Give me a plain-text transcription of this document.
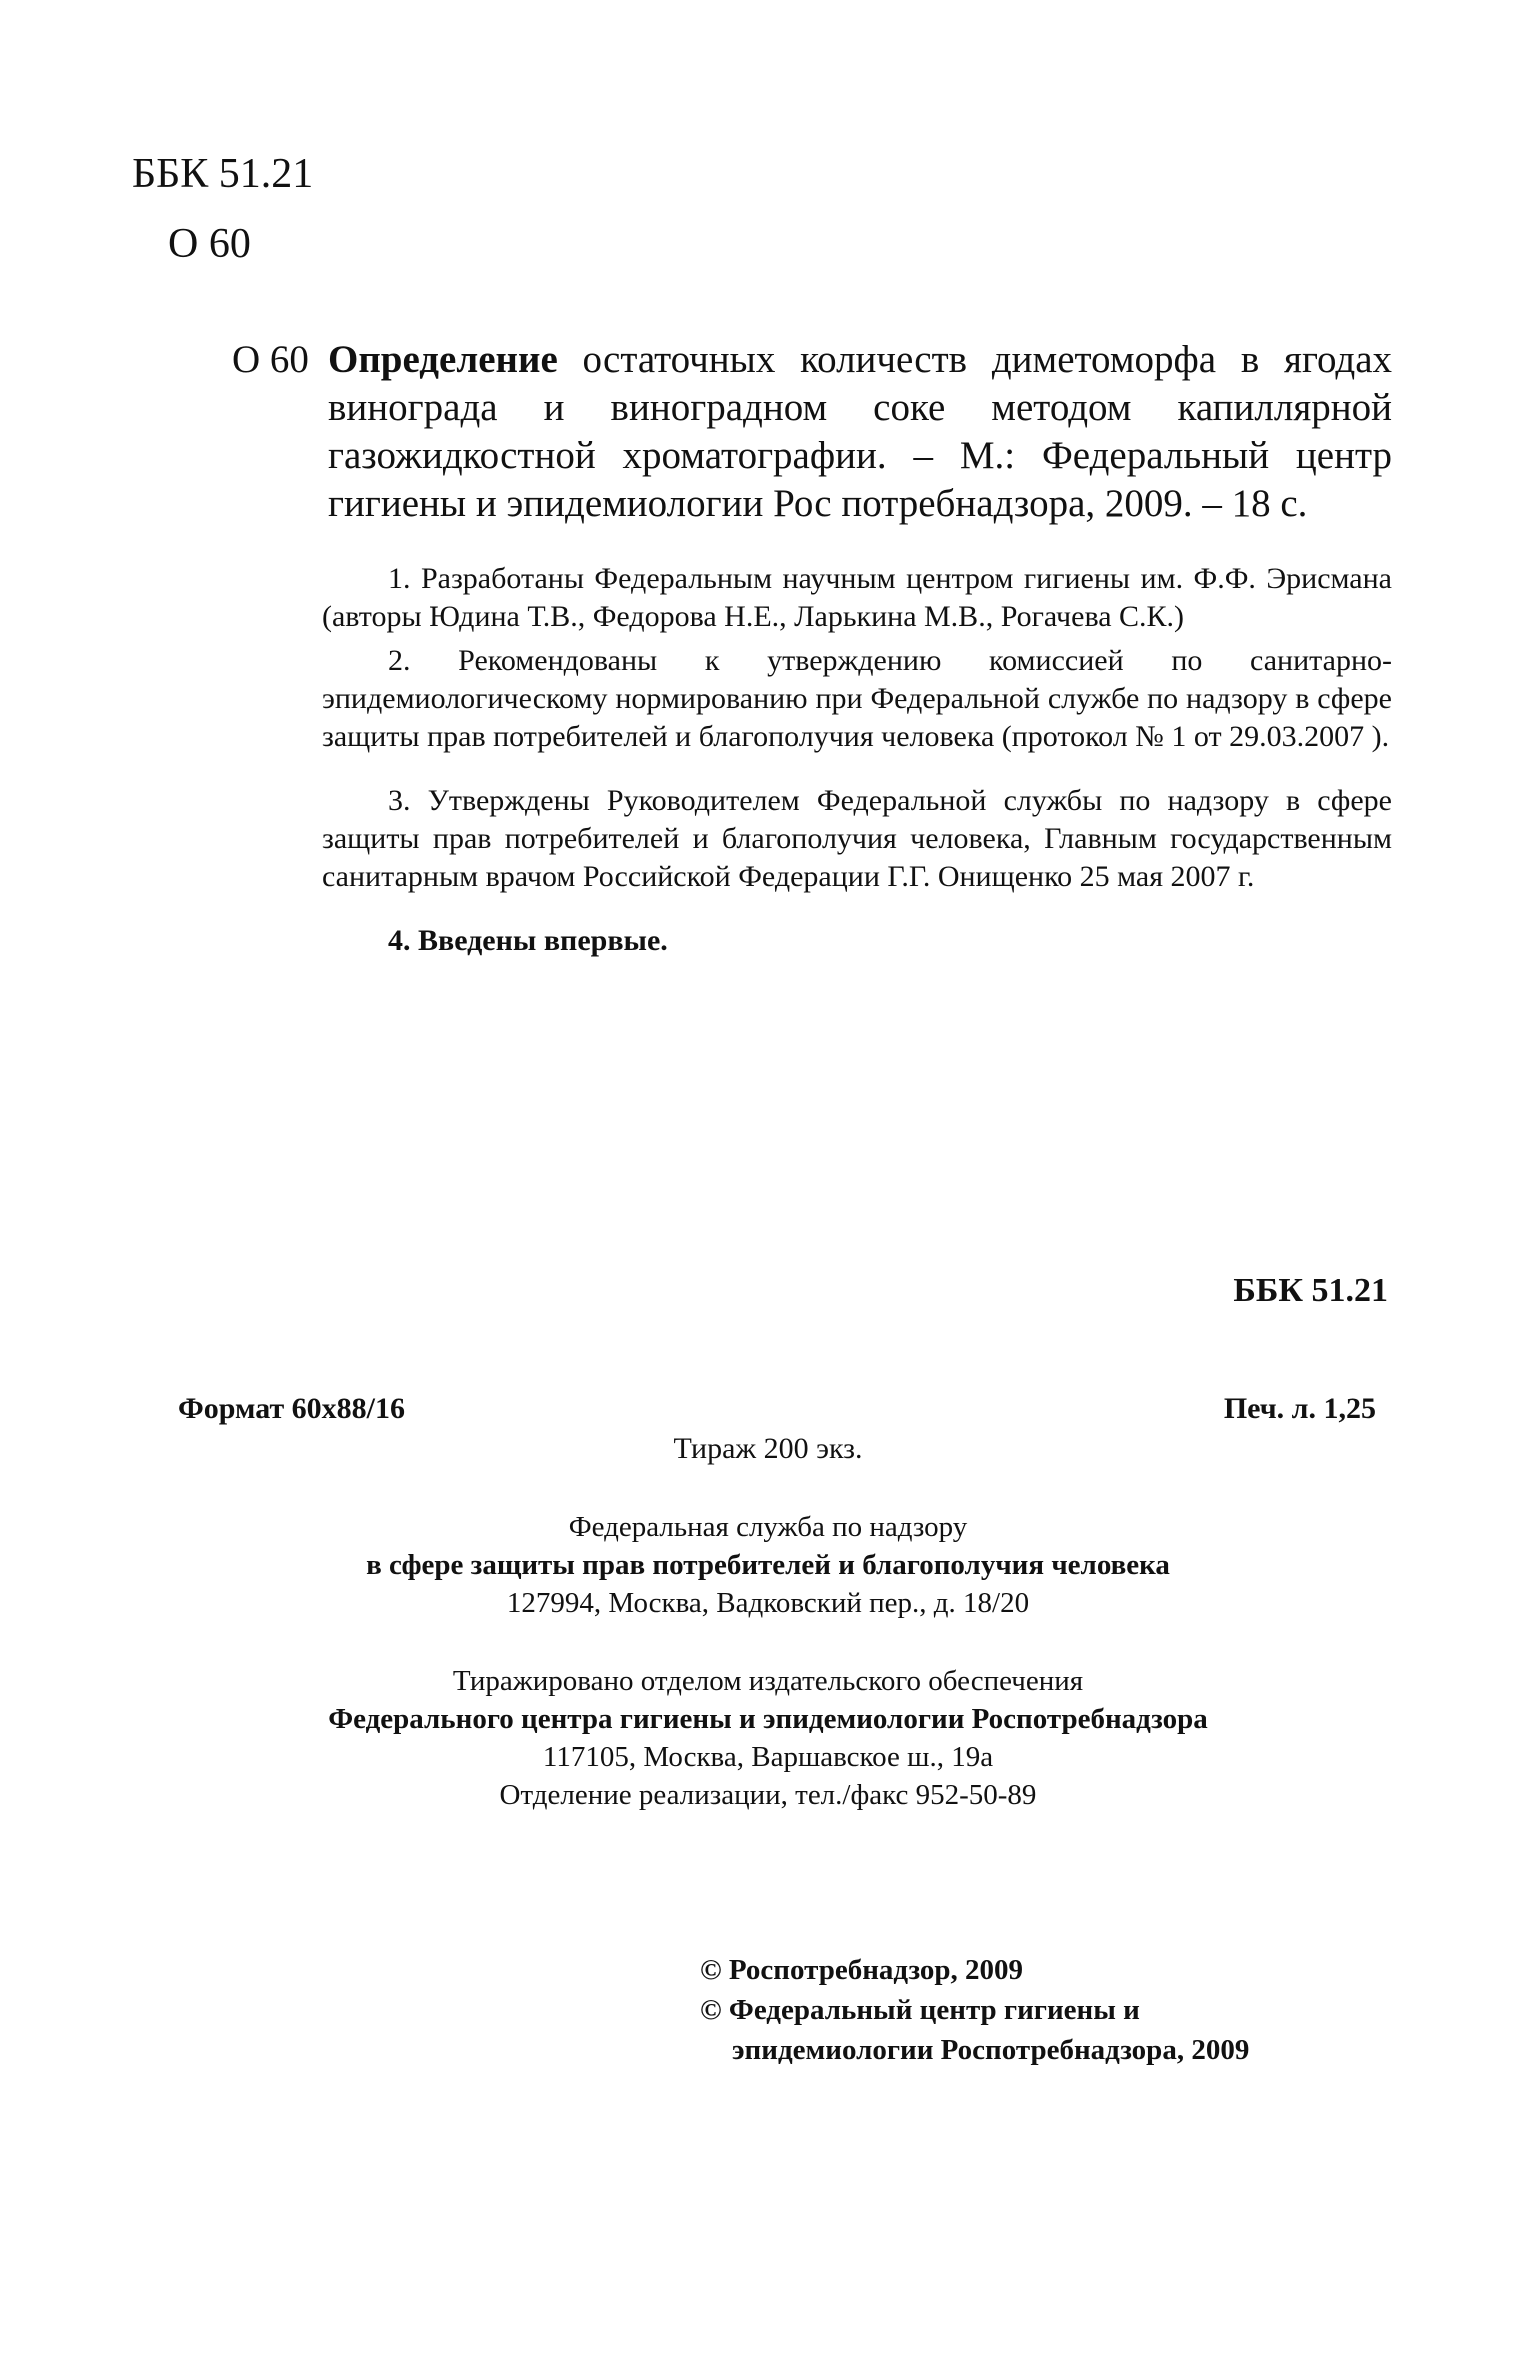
ББК 51.21
О 60
О 60 Определение остаточных количеств диметоморфа в ягодах винограда и виноградном соке методом капиллярной газожидкостной хроматографии. – М.: Федеральный центр гигиены и эпидемиологии Рос потребнадзора, 2009. – 18 с.

1. Разработаны Федеральным научным центром гигиены им. Ф.Ф. Эрисмана (авторы Юдина Т.В., Федорова Н.Е., Ларькина М.В., Рогачева С.К.)

2. Рекомендованы к утверждению комиссией по санитарно-эпидемиологическому нормированию при Федеральной службе по надзору в сфере защиты прав потребителей и благополучия человека (протокол № 1 от 29.03.2007 ).

3. Утверждены Руководителем Федеральной службы по надзору в сфере защиты прав потребителей и благополучия человека, Главным государственным санитарным врачом Российской Федерации Г.Г. Онищенко 25 мая 2007 г.

4. Введены впервые.

ББК 51.21
Формат 60х88/16	Печ. л. 1,25
Тираж 200 экз.
Федеральная служба по надзору
в сфере защиты прав потребителей и благополучия человека
127994, Москва, Вадковский пер., д. 18/20
Тиражировано отделом издательского обеспечения
Федерального центра гигиены и эпидемиологии Роспотребнадзора
117105, Москва, Варшавское ш., 19а
Отделение реализации, тел./факс 952-50-89
© Роспотребнадзор, 2009
© Федеральный центр гигиены и
эпидемиологии Роспотребнадзора, 2009
